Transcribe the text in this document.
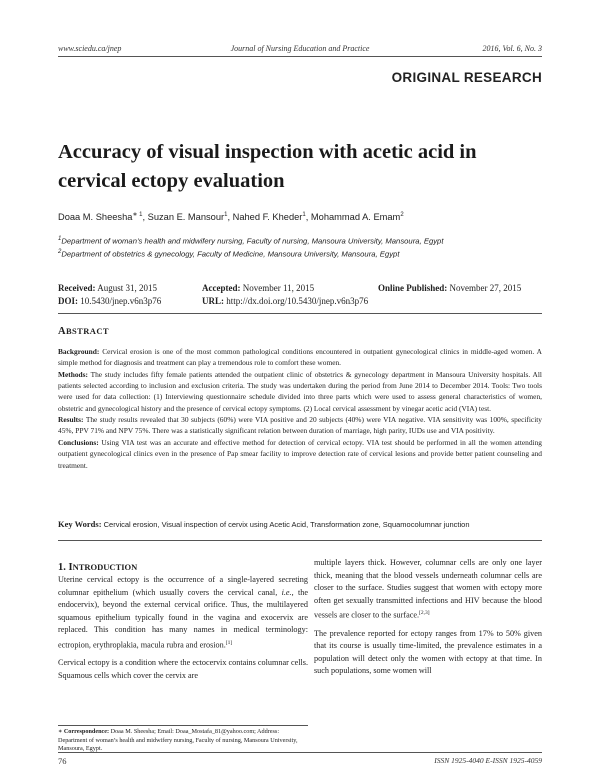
www.sciedu.ca/jnep	Journal of Nursing Education and Practice	2016, Vol. 6, No. 3
ORIGINAL RESEARCH
Accuracy of visual inspection with acetic acid in
cervical ectopy evaluation
Doaa M. Sheesha$^{∗ 1}$, Suzan E. Mansour$^1$, Nahed F. Kheder$^1$, Mohammad A. Emam$^2$
$^1$Department of woman’s health and midwifery nursing, Faculty of nursing, Mansoura University, Mansoura, Egypt
$^2$Department of obstetrics & gynecology, Faculty of Medicine, Mansoura University, Mansoura, Egypt
Received: August 31, 2015	Accepted: November 11, 2015	Online Published: November 27, 2015
DOI: 10.5430/jnep.v6n3p76	URL: http://dx.doi.org/10.5430/jnep.v6n3p76
ABSTRACT

Background: Cervical erosion is one of the most common pathological conditions encountered in outpatient gynecological clinics in middle-aged women. A simple method for diagnosis and treatment can play a tremendous role to comfort these women.

Methods: The study includes fifty female patients attended the outpatient clinic of obstetrics & gynecology department in Mansoura University hospitals. All patients selected according to inclusion and exclusion criteria. The study was undertaken during the period from June 2014 to December 2014. Tools: Two tools were used for data collection: (1) Interviewing questionnaire schedule divided into three parts which were used to assess general characteristics of women, obstetric and gynecological history and the presence of cervical ectopy symptoms. (2) Local cervical assessment by vinegar acetic acid (VIA) test.

Results: The study results revealed that 30 subjects (60%) were VIA positive and 20 subjects (40%) were VIA negative. VIA sensitivity was 100%, specificity 45%, PPV 71% and NPV 75%. There was a statistically significant relation between duration of marriage, high parity, IUDs use and VIA positivity.

Conclusions: Using VIA test was an accurate and effective method for detection of cervical ectopy. VIA test should be performed in all the women attending outpatient gynecological clinics even in the presence of Pap smear facility to improve detection rate of cervical lesions and provide better patient counseling and treatment.

Key Words: Cervical erosion, Visual inspection of cervix using Acetic Acid, Transformation zone, Squamocolumnar junction
1. INTRODUCTION

Uterine cervical ectopy is the occurrence of a single-layered secreting columnar epithelium (which usually covers the cervical canal, i.e., the endocervix), beyond the external cervical orifice. Thus, the multilayered squamous epithelium typically found in the vagina and exocervix are replaced. This condition has many names in medical terminology: ectropion, erythroplakia, macula rubra and erosion.[1]

Cervical ectopy is a condition where the ectocervix contains columnar cells. Squamous cells which cover the cervix are

multiple layers thick. However, columnar cells are only one layer thick, meaning that the blood vessels underneath columnar cells are closer to the surface. Studies suggest that women with ectopy more often get sexually transmitted infections and HIV because the blood vessels are closer to the surface.[2,3]

The prevalence reported for ectopy ranges from 17% to 50% given that its course is usually time-limited, the prevalence estimates in a population will detect only the women with ectopy at that time. In such populations, some women will

∗ Correspondence: Doaa M. Sheesha; Email: Doaa_Mostafa_81@yahoo.com; Address: Department of woman’s health and midwifery nursing, Faculty of nursing, Mansoura University, Mansoura, Egypt.
76	ISSN 1925-4040 E-ISSN 1925-4059
